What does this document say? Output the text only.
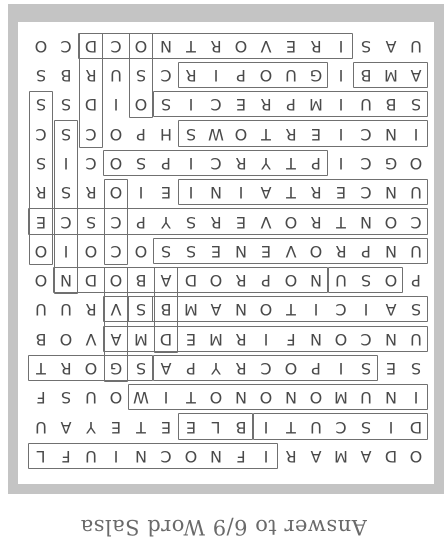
Answer to 6/9 Word Salsa
O
D
A
M
A
R
I
F
N
O
C
N
I
U
F
L
D
I
S
C
U
T
I
B
L
E
E
T
E
Y
A
U
I
N
U
M
O
N
O
N
O
T
I
W
O
U
S
F
S
E
S
I
P
O
C
R
Y
P
A
S
G
O
R
T
U
N
C
O
N
F
I
R
M
E
D
M
A
V
O
B
S
A
I
C
I
T
O
N
A
M
B
S
V
R
U
U
P
O
S
U
N
O
P
R
O
D
A
B
O
D
N
O
U
N
P
R
O
V
E
N
E
S
S
O
C
O
I
O
C
O
N
T
R
O
V
E
R
S
Y
P
C
S
C
E
U
N
C
E
R
T
A
I
N
I
E
I
O
R
S
R
O
G
C
I
P
T
Y
R
C
I
P
S
O
C
I
S
I
N
C
I
E
R
T
O
W
S
H
P
O
C
S
C
S
B
U
I
M
P
R
E
C
I
S
O
I
D
S
S
A
M
B
I
G
U
O
P
I
R
C
S
U
R
B
S
U
A
S
I
R
E
V
O
R
T
N
O
C
D
C
O
